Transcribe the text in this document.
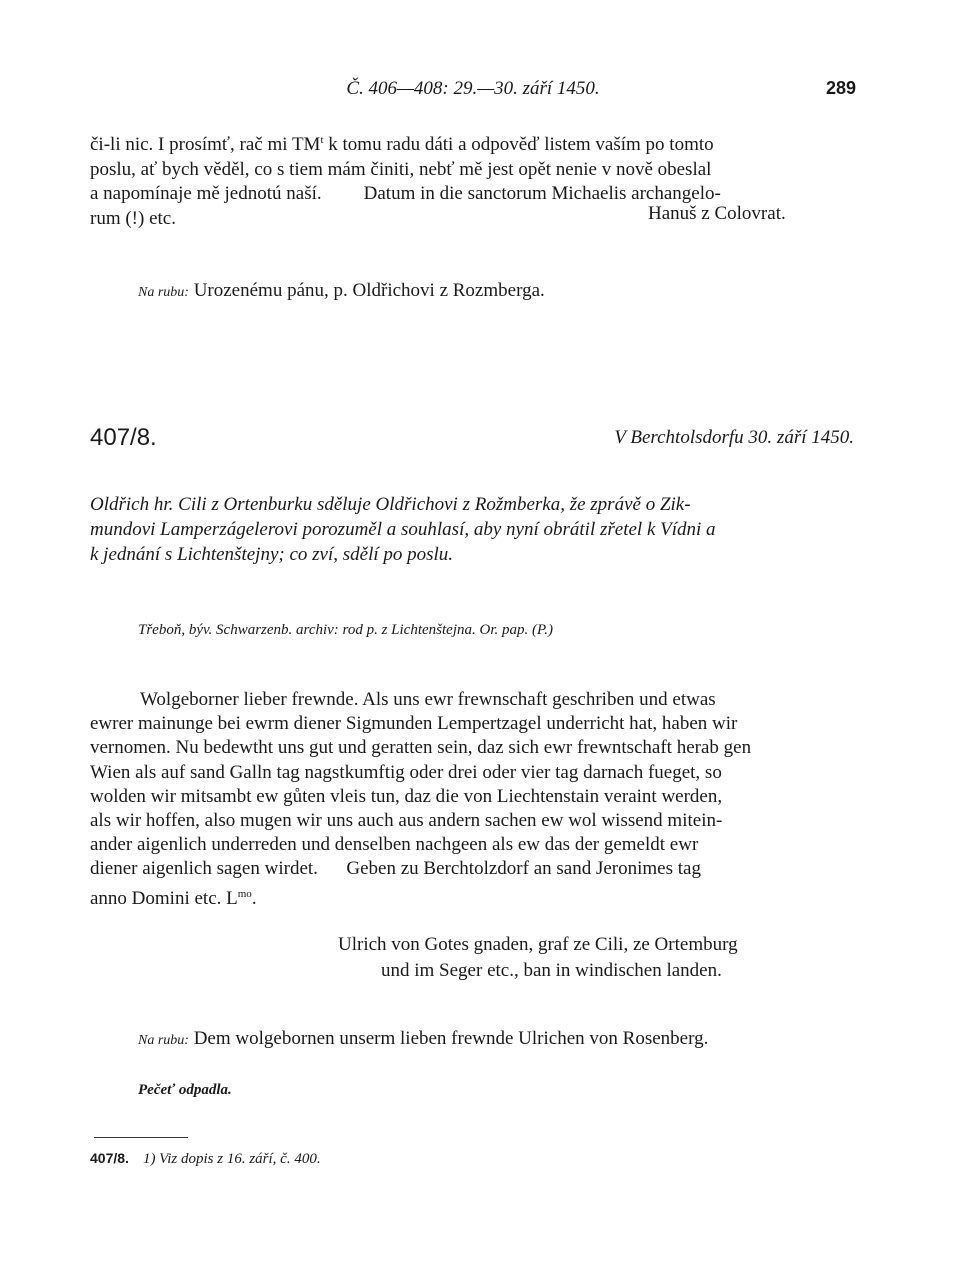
Č. 406—408: 29.—30. září 1450.	289
či-li nic. I prosímť, rač mi $TM^t$ k tomu radu dáti a odpověď listem vaším po tomto
poslu, ať bych věděl, co s tiem mám činiti, nebť mě jest opět nenie v nově obeslal
a napomínaje mě jednotú naší. Datum in die sanctorum Michaelis archangelo-
rum (!) etc.	Hanuš z Colovrat.
Na rubu: Urozenému pánu, p. Oldřichovi z Rozmberga.
407/8.	V Berchtolsdorfu 30. září 1450.
Oldřich hr. Cili z Ortenburku sděluje Oldřichovi z Rožmberka, že zprávě o Zik-
mundovi Lamperzágelerovi porozuměl a souhlasí, aby nyní obrátil zřetel k Vídni a
k jednání s Lichtenštejny; co zví, sdělí po poslu.
Třeboň, býv. Schwarzenb. archiv: rod p. z Lichtenštejna. Or. pap. (P.)
Wolgeborner lieber frewnde. Als uns ewr frewnschaft geschriben und etwas
ewrer mainunge bei ewrm diener Sigmunden Lempertzagel underricht hat, haben wir
vernomen. Nu bedewtht uns gut und geratten sein, daz sich ewr frewntschaft herab gen
Wien als auf sand Galln tag nagstkumftig oder drei oder vier tag darnach fueget, so
wolden wir mitsambt ew gůten vleis tun, daz die von Liechtenstain veraint werden,
als wir hoffen, also mugen wir uns auch aus andern sachen ew wol wissend mitein-
ander aigenlich underreden und denselben nachgeen als ew das der gemeldt ewr
diener aigenlich sagen wirdet.      Geben zu Berchtolzdorf an sand Jeronimes tag
anno Domini etc. $L^{mo}$.
Ulrich von Gotes gnaden, graf ze Cili, ze Ortemburg
und im Seger etc., ban in windischen landen.
Na rubu: Dem wolgebornen unserm lieben frewnde Ulrichen von Rosenberg.
Pečeť odpadla.
407/8. 1) Viz dopis z 16. září, č. 400.
